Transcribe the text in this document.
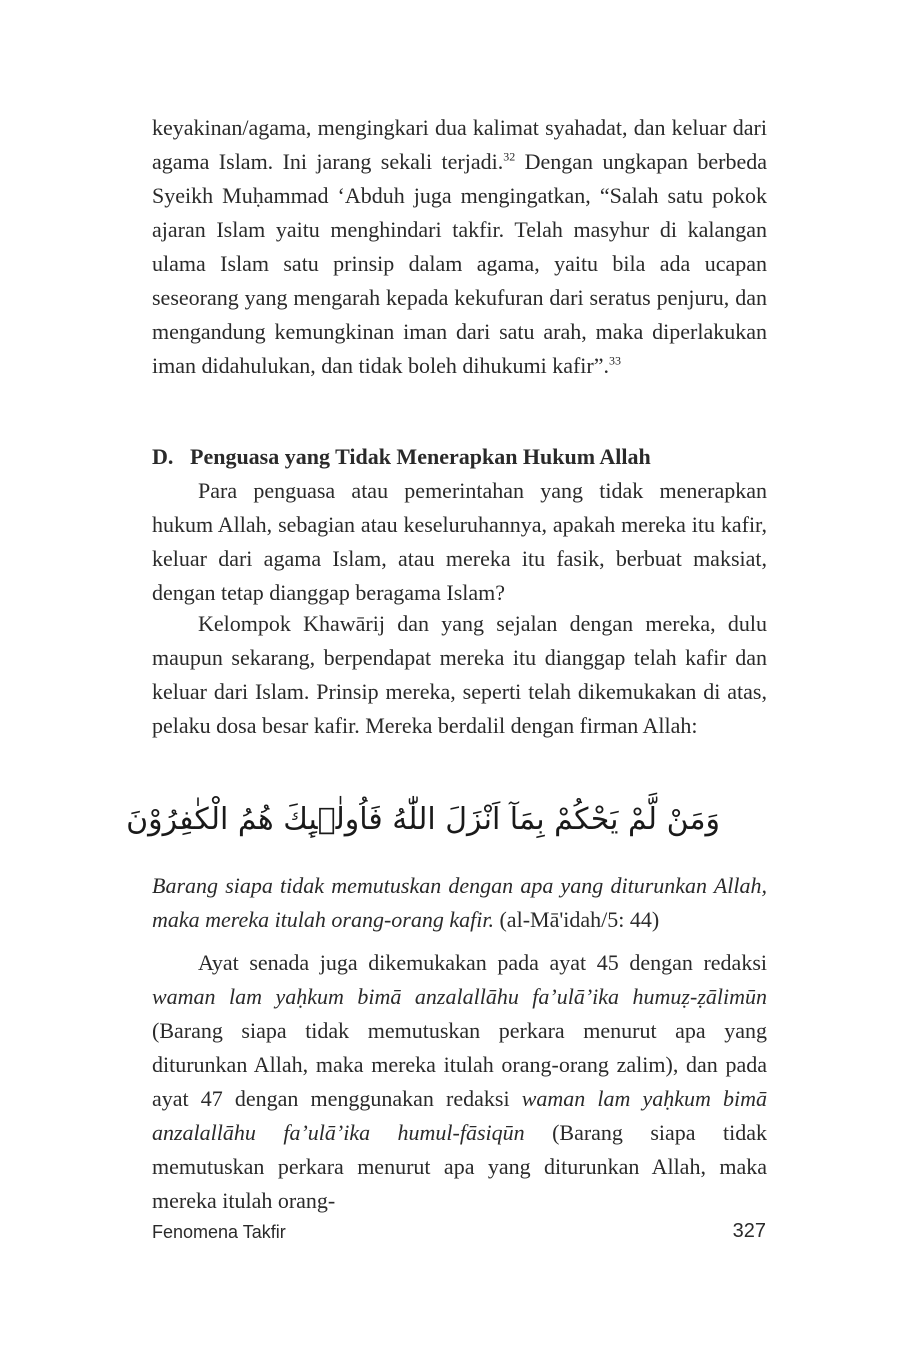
keyakinan/agama, mengingkari dua kalimat syahadat, dan keluar dari agama Islam. Ini jarang sekali terjadi.$^{32}$ Dengan ungkapan berbeda Syeikh Muḥammad ‘Abduh juga mengingatkan, “Salah satu pokok ajaran Islam yaitu menghindari takfir. Telah masyhur di kalangan ulama Islam satu prinsip dalam agama, yaitu bila ada ucapan seseorang yang mengarah kepada kekufuran dari seratus penjuru, dan mengandung kemungkinan iman dari satu arah, maka diperlakukan iman didahulukan, dan tidak boleh dihukumi kafir”.$^{33}$

D. Penguasa yang Tidak Menerapkan Hukum Allah

Para penguasa atau pemerintahan yang tidak menerapkan hukum Allah, sebagian atau keseluruhannya, apakah mereka itu kafir, keluar dari agama Islam, atau mereka itu fasik, berbuat maksiat, dengan tetap dianggap beragama Islam?

Kelompok Khawārij dan yang sejalan dengan mereka, dulu maupun sekarang, berpendapat mereka itu dianggap telah kafir dan keluar dari Islam. Prinsip mereka, seperti telah dikemukakan di atas, pelaku dosa besar kafir. Mereka berdalil dengan firman Allah:

وَمَنْ لَّمْ يَحْكُمْ بِمَآ اَنْزَلَ اللّٰهُ فَاُولٰۤىِٕكَ هُمُ الْكٰفِرُوْنَ

Barang siapa tidak memutuskan dengan apa yang diturunkan Allah, maka mereka itulah orang-orang kafir. (al-Mā'idah/5: 44)

Ayat senada juga dikemukakan pada ayat 45 dengan redaksi waman lam yaḥkum bimā anzalallāhu fa’ulā’ika humuẓ-ẓālimūn (Barang siapa tidak memutuskan perkara menurut apa yang diturunkan Allah, maka mereka itulah orang-orang zalim), dan pada ayat 47 dengan menggunakan redaksi waman lam yaḥkum bimā anzalallāhu fa’ulā’ika humul-fāsiqūn (Barang siapa tidak memutuskan perkara menurut apa yang diturunkan Allah, maka mereka itulah orang-

Fenomena Takfir	327
